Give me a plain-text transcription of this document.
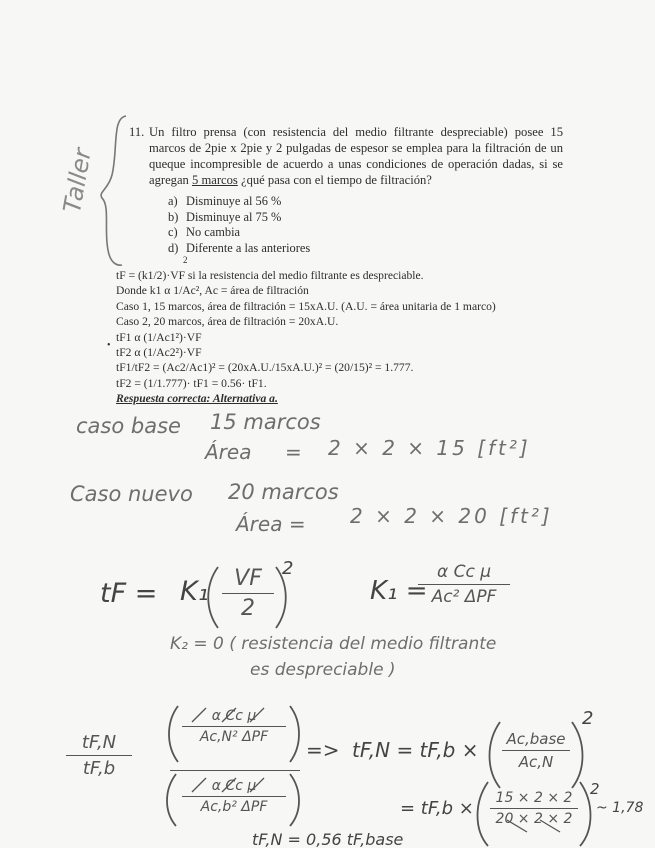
Taller
11. Un filtro prensa (con resistencia del medio filtrante despreciable) posee 15 marcos de 2pie x 2pie y 2 pulgadas de espesor se emplea para la filtración de un queque incompresible de acuerdo a unas condiciones de operación dadas, si se agregan 5 marcos ¿qué pasa con el tiempo de filtración?
a) Disminuye al 56 %
b) Disminuye al 75 %
c) No cambia
d) Diferente a las anteriores
2
tF = (k1/2)·VF si la resistencia del medio filtrante es despreciable.
Donde k1 α 1/Ac², Ac = área de filtración
Caso 1, 15 marcos, área de filtración = 15xA.U. (A.U. = área unitaria de 1 marco)
Caso 2, 20 marcos, área de filtración = 20xA.U.
tF1 α (1/Ac1²)·VF
tF2 α (1/Ac2²)·VF
tF1/tF2 = (Ac2/Ac1)² = (20xA.U./15xA.U.)² = (20/15)² = 1.777.
tF2 = (1/1.777)· tF1 = 0.56· tF1.
Respuesta correcta: Alternativa a.
•
caso base 15 marcos
Área = 2 × 2 × 15 [ft²]
Caso nuevo 20 marcos
Área = 2 × 2 × 20 [ft²]
tF = K₁	VF
2
2
K₁ =
α Cc μ
Ac² ΔPF
K₂ = 0 ( resistencia del medio filtrante
es despreciable )
tF,N
tF,b
α Cc μ
Ac,N² ΔPF
α Cc μ
Ac,b² ΔPF
=> tF,N = tF,b × Ac,base
Ac,N
2
= tF,b ×	15 × 2 × 2
20 × 2 × 2
2
~ 1,78
tF,N = 0,56 tF,base
